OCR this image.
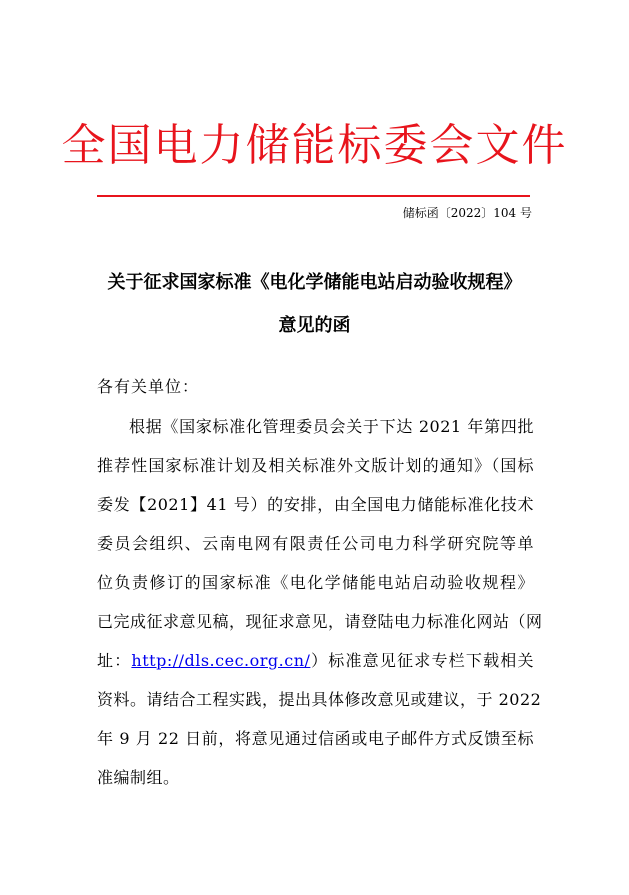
全国电力储能标委会文件
储标函〔2022〕104 号
关于征求国家标准《电化学储能电站启动验收规程》
意见的函
各有关单位：
根据《国家标准化管理委员会关于下达 2021 年第四批
推荐性国家标准计划及相关标准外文版计划的通知》（国标
委发【2021】41 号）的安排，由全国电力储能标准化技术
委员会组织、云南电网有限责任公司电力科学研究院等单
位负责修订的国家标准《电化学储能电站启动验收规程》
已完成征求意见稿，现征求意见，请登陆电力标准化网站（网
址：http://dls.cec.org.cn/）标准意见征求专栏下载相关
资料。请结合工程实践，提出具体修改意见或建议，于 2022
年 9 月 22 日前，将意见通过信函或电子邮件方式反馈至标
准编制组。
